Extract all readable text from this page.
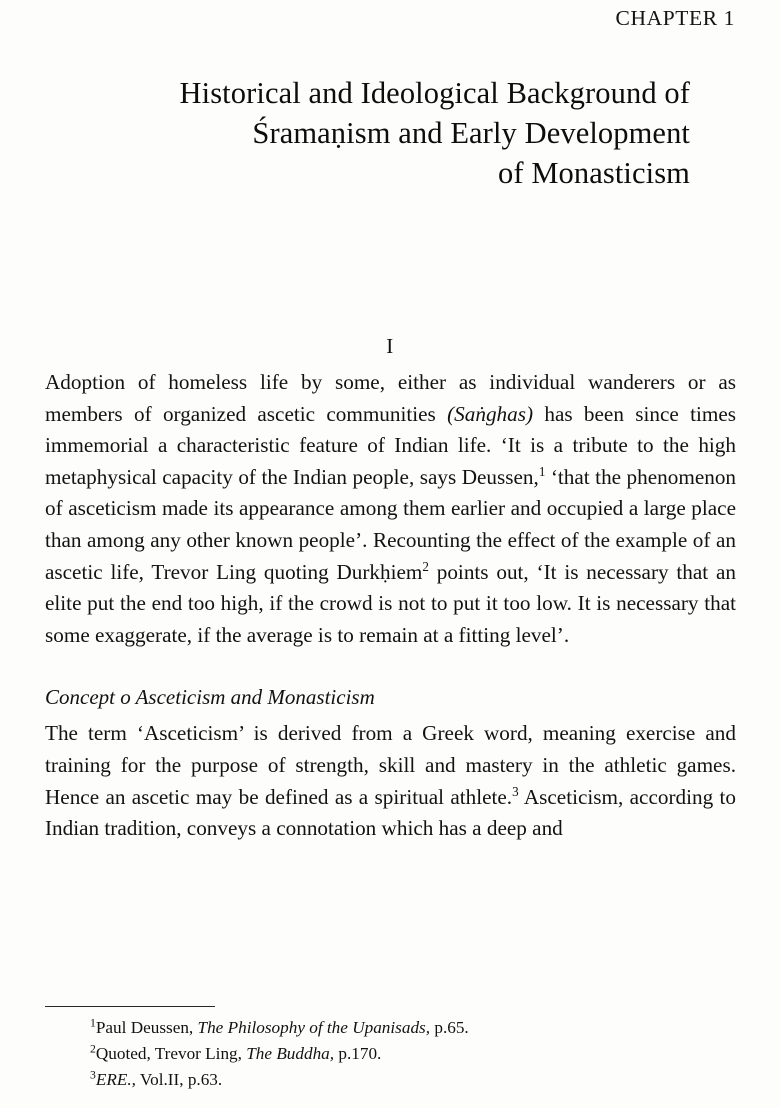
CHAPTER 1
Historical and Ideological Background of
Śramaṇism and Early Development
of Monasticism
I

Adoption of homeless life by some, either as individual wanderers or as members of organized ascetic communities (Saṅghas) has been since times immemorial a characteristic feature of Indian life. ‘It is a tribute to the high metaphysical capacity of the Indian people, says Deussen,$^1$ ‘that the phenomenon of asceticism made its appearance among them earlier and occupied a large place than among any other known people’. Recounting the effect of the example of an ascetic life, Trevor Ling quoting Durkḥiem$^2$ points out, ‘It is necessary that an elite put the end too high, if the crowd is not to put it too low. It is necessary that some exaggerate, if the average is to remain at a fitting level’.

Concept o Asceticism and Monasticism

The term ‘Asceticism’ is derived from a Greek word, meaning exercise and training for the purpose of strength, skill and mastery in the athletic games. Hence an ascetic may be defined as a spiritual athlete.$^3$ Asceticism, according to Indian tradition, conveys a connotation which has a deep and

$^1$Paul Deussen, The Philosophy of the Upanisads, p.65.
$^2$Quoted, Trevor Ling, The Buddha, p.170.
$^3$ERE., Vol.II, p.63.
